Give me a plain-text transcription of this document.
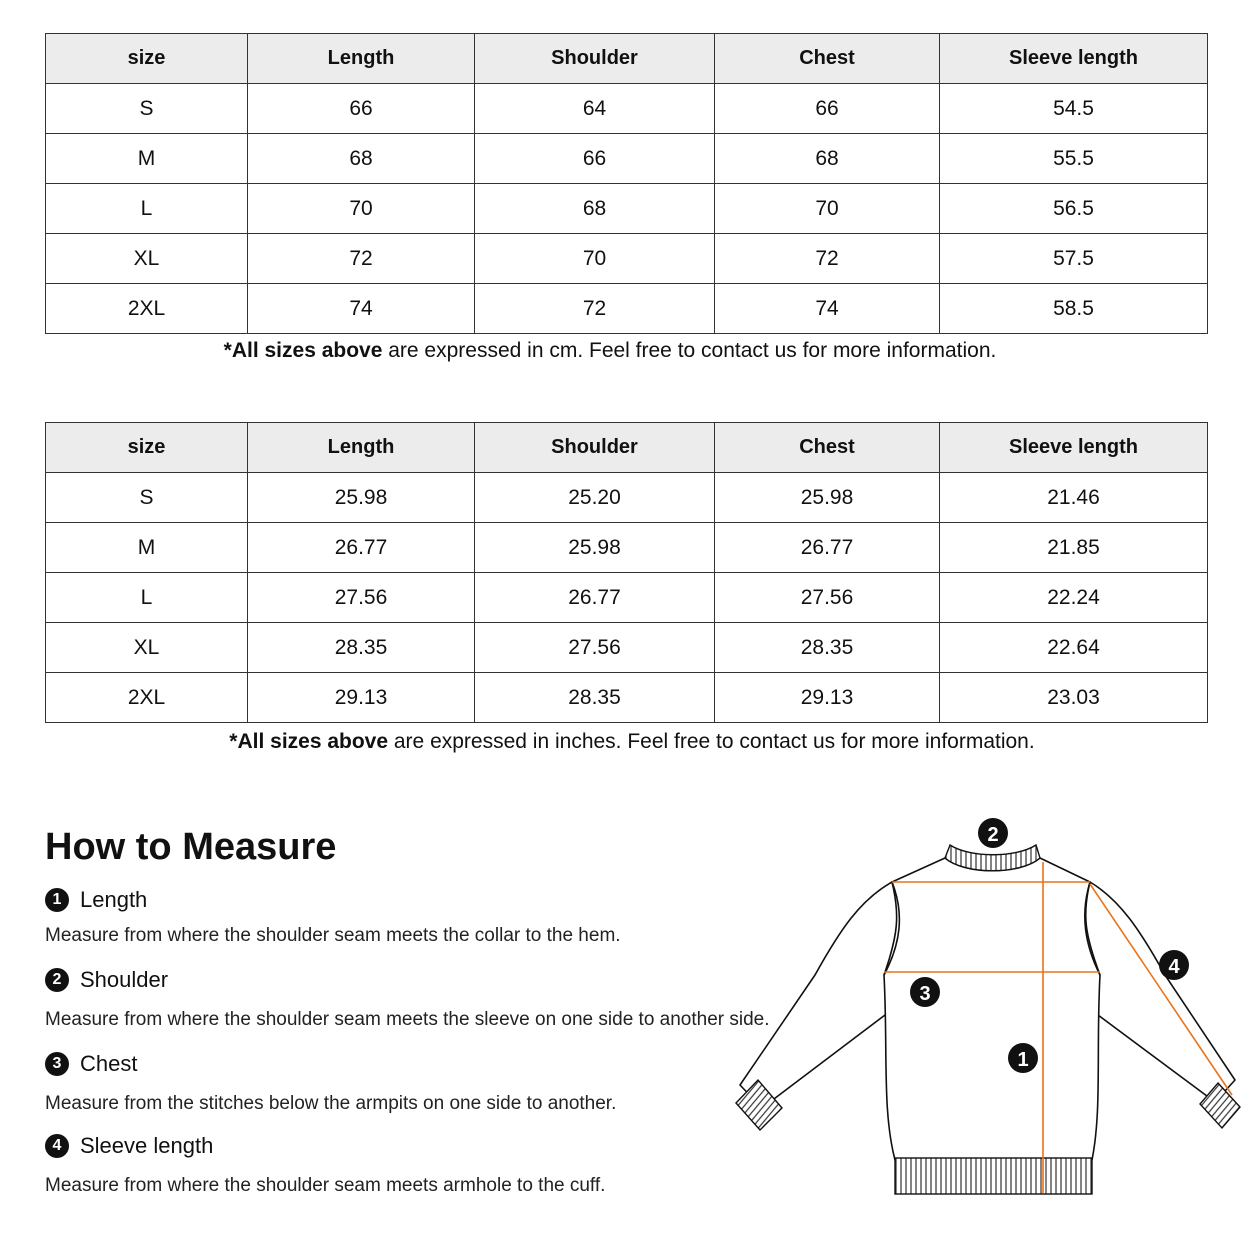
size	Length	Shoulder	Chest	Sleeve length
S	66	64	66	54.5
M	68	66	68	55.5
L	70	68	70	56.5
XL	72	70	72	57.5
2XL	74	72	74	58.5
*All sizes above are expressed in cm. Feel free to contact us for more information.
size	Length	Shoulder	Chest	Sleeve length
S	25.98	25.20	25.98	21.46
M	26.77	25.98	26.77	21.85
L	27.56	26.77	27.56	22.24
XL	28.35	27.56	28.35	22.64
2XL	29.13	28.35	29.13	23.03
*All sizes above are expressed in inches. Feel free to contact us for more information.
How to Measure
1 Length
Measure from where the shoulder seam meets the collar to the hem.
2 Shoulder
Measure from where the shoulder seam meets the sleeve on one side to another side.
3 Chest
Measure from the stitches below the armpits on one side to another.
4 Sleeve length
Measure from where the shoulder seam meets armhole to the cuff.
2
3
1
4
